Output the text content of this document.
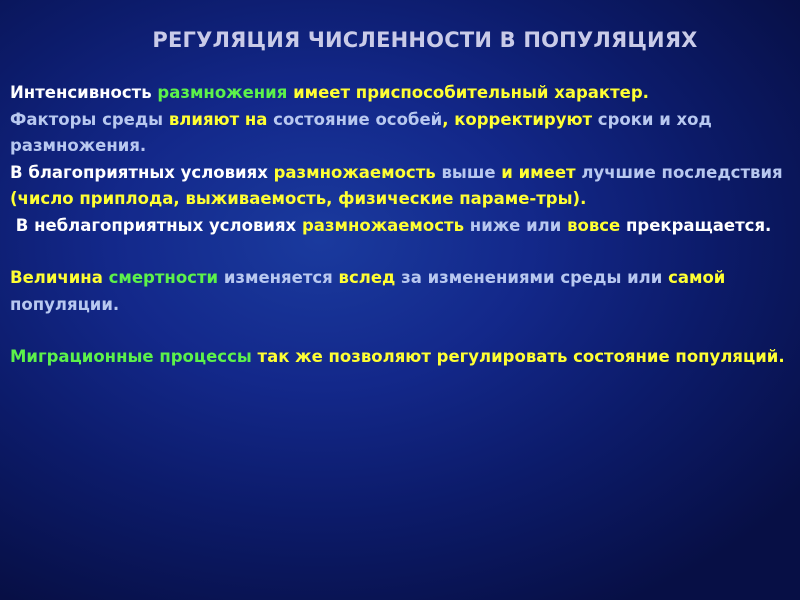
РЕГУЛЯЦИЯ ЧИСЛЕННОСТИ В ПОПУЛЯЦИЯХ

Интенсивность размножения имеет приспособительный характер.
Факторы среды влияют на состояние особей, корректируют сроки и ход размножения.

В благоприятных условиях размножаемость выше и имеет лучшие последствия (число приплода, выживаемость, физические параме-тры).

В неблагоприятных условиях размножаемость ниже или вовсе прекращается.

Величина смертности изменяется вслед за изменениями среды или самой популяции.

Миграционные процессы так же позволяют регулировать состояние популяций.
